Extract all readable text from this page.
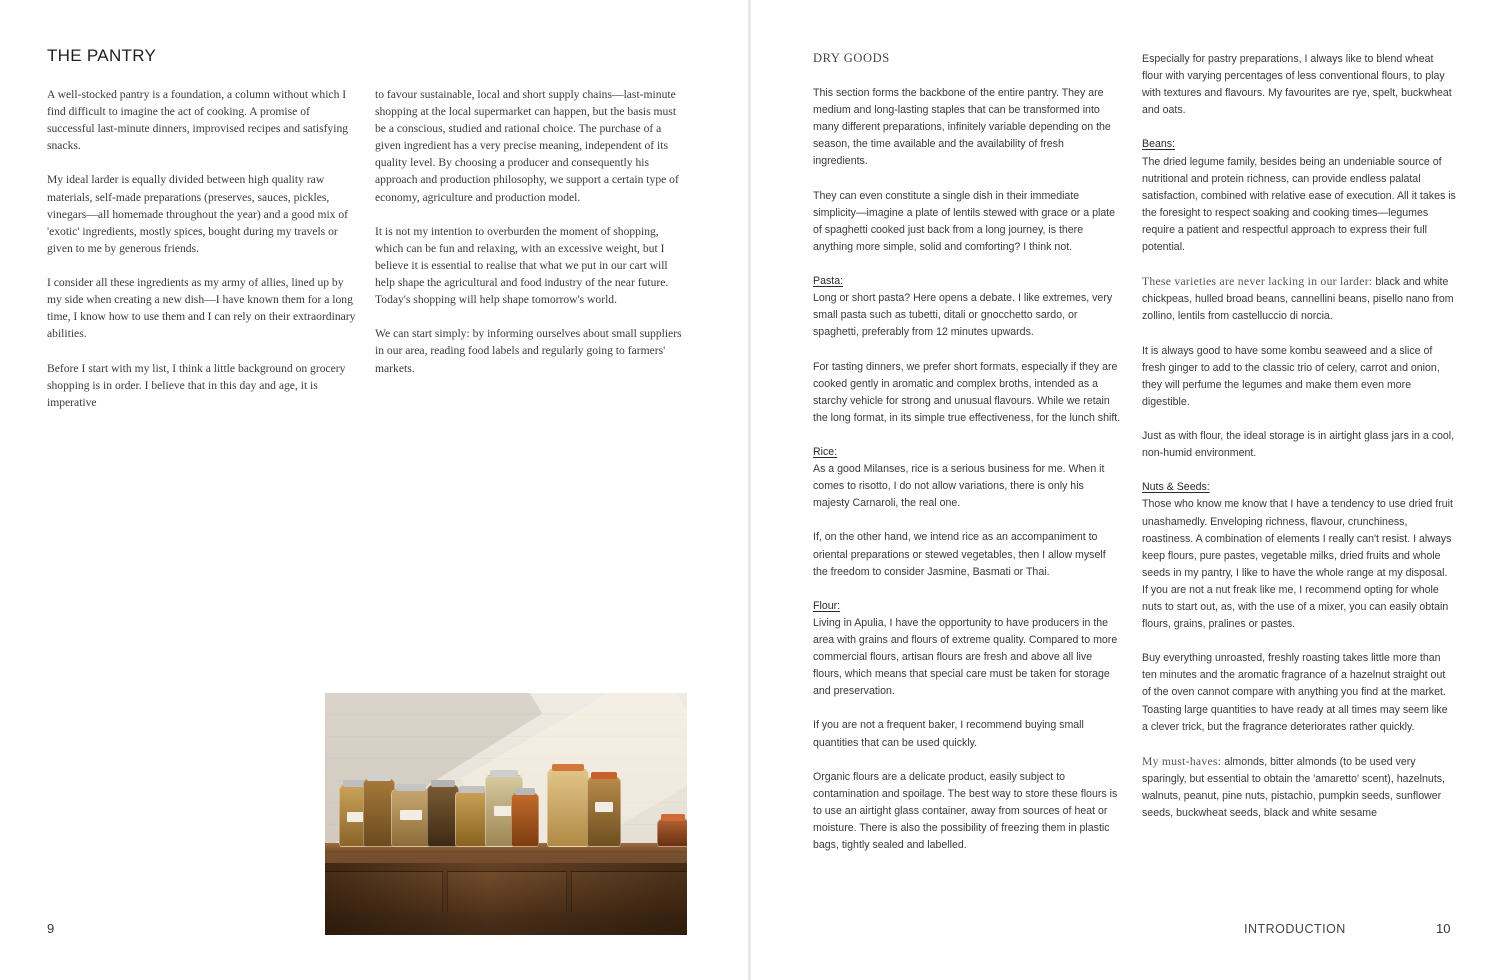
THE PANTRY

A well-stocked pantry is a foundation, a column without which I find difficult to imagine the act of cooking. A promise of successful last-minute dinners, improvised recipes and satisfying snacks.

My ideal larder is equally divided between high quality raw materials, self-made preparations (preserves, sauces, pickles, vinegars—all homemade throughout the year) and a good mix of 'exotic' ingredients, mostly spices, bought during my travels or given to me by generous friends.

I consider all these ingredients as my army of allies, lined up by my side when creating a new dish—I have known them for a long time, I know how to use them and I can rely on their extraordinary abilities.

Before I start with my list, I think a little background on grocery shopping is in order. I believe that in this day and age, it is imperative

to favour sustainable, local and short supply chains—last-minute shopping at the local supermarket can happen, but the basis must be a conscious, studied and rational choice. The purchase of a given ingredient has a very precise meaning, independent of its quality level. By choosing a producer and consequently his approach and production philosophy, we support a certain type of economy, agriculture and production model.

It is not my intention to overburden the moment of shopping, which can be fun and relaxing, with an excessive weight, but I believe it is essential to realise that what we put in our cart will help shape the agricultural and food industry of the near future. Today's shopping will help shape tomorrow's world.

We can start simply: by informing ourselves about small suppliers in our area, reading food labels and regularly going to farmers' markets.

9
DRY GOODS

This section forms the backbone of the entire pantry. They are medium and long-lasting staples that can be transformed into many different preparations, infinitely variable depending on the season, the time available and the availability of fresh ingredients.

They can even constitute a single dish in their immediate simplicity—imagine a plate of lentils stewed with grace or a plate of spaghetti cooked just back from a long journey, is there anything more simple, solid and comforting? I think not.

Pasta:
Long or short pasta? Here opens a debate. I like extremes, very small pasta such as tubetti, ditali or gnocchetto sardo, or spaghetti, preferably from 12 minutes upwards.

For tasting dinners, we prefer short formats, especially if they are cooked gently in aromatic and complex broths, intended as a starchy vehicle for strong and unusual flavours. While we retain the long format, in its simple true effectiveness, for the lunch shift.

Rice:
As a good Milanses, rice is a serious business for me. When it comes to risotto, I do not allow variations, there is only his majesty Carnaroli, the real one.

If, on the other hand, we intend rice as an accompaniment to oriental preparations or stewed vegetables, then I allow myself the freedom to consider Jasmine, Basmati or Thai.

Flour:
Living in Apulia, I have the opportunity to have producers in the area with grains and flours of extreme quality. Compared to more commercial flours, artisan flours are fresh and above all live flours, which means that special care must be taken for storage and preservation.

If you are not a frequent baker, I recommend buying small quantities that can be used quickly.

Organic flours are a delicate product, easily subject to contamination and spoilage. The best way to store these flours is to use an airtight glass container, away from sources of heat or moisture. There is also the possibility of freezing them in plastic bags, tightly sealed and labelled.

Especially for pastry preparations, I always like to blend wheat flour with varying percentages of less conventional flours, to play with textures and flavours. My favourites are rye, spelt, buckwheat and oats.

Beans:
The dried legume family, besides being an undeniable source of nutritional and protein richness, can provide endless palatal satisfaction, combined with relative ease of execution. All it takes is the foresight to respect soaking and cooking times—legumes require a patient and respectful approach to express their full potential.

These varieties are never lacking in our larder: black and white chickpeas, hulled broad beans, cannellini beans, pisello nano from zollino, lentils from castelluccio di norcia.

It is always good to have some kombu seaweed and a slice of fresh ginger to add to the classic trio of celery, carrot and onion, they will perfume the legumes and make them even more digestible.

Just as with flour, the ideal storage is in airtight glass jars in a cool, non-humid environment.

Nuts & Seeds:
Those who know me know that I have a tendency to use dried fruit unashamedly. Enveloping richness, flavour, crunchiness, roastiness. A combination of elements I really can't resist. I always keep flours, pure pastes, vegetable milks, dried fruits and whole seeds in my pantry, I like to have the whole range at my disposal. If you are not a nut freak like me, I recommend opting for whole nuts to start out, as, with the use of a mixer, you can easily obtain flours, grains, pralines or pastes.

Buy everything unroasted, freshly roasting takes little more than ten minutes and the aromatic fragrance of a hazelnut straight out of the oven cannot compare with anything you find at the market. Toasting large quantities to have ready at all times may seem like a clever trick, but the fragrance deteriorates rather quickly.

My must-haves: almonds, bitter almonds (to be used very sparingly, but essential to obtain the 'amaretto' scent), hazelnuts, walnuts, peanut, pine nuts, pistachio, pumpkin seeds, sunflower seeds, buckwheat seeds, black and white sesame

INTRODUCTION	10
